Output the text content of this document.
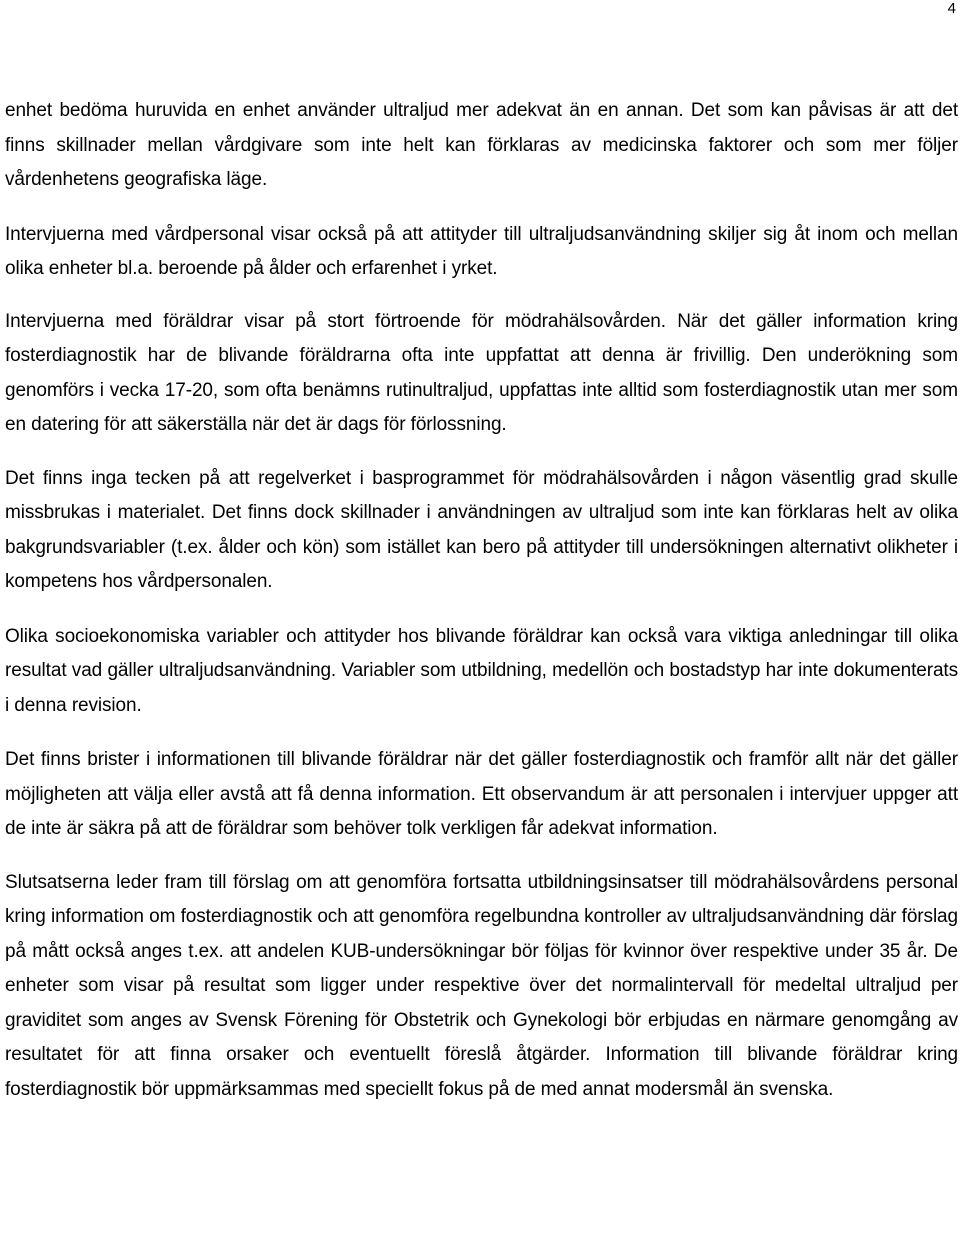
4

enhet bedöma huruvida en enhet använder ultraljud mer adekvat än en annan. Det som kan påvisas är att det finns skillnader mellan vårdgivare som inte helt kan förklaras av medicinska faktorer och som mer följer vårdenhetens geografiska läge.

Intervjuerna med vårdpersonal visar också på att attityder till ultraljudsanvändning skiljer sig åt inom och mellan olika enheter bl.a. beroende på ålder och erfarenhet i yrket.

Intervjuerna med föräldrar visar på stort förtroende för mödrahälsovården. När det gäller information kring fosterdiagnostik har de blivande föräldrarna ofta inte uppfattat att denna är frivillig. Den underökning som genomförs i vecka 17-20, som ofta benämns rutinultraljud, uppfattas inte alltid som fosterdiagnostik utan mer som en datering för att säkerställa när det är dags för förlossning.

Det finns inga tecken på att regelverket i basprogrammet för mödrahälsovården i någon väsentlig grad skulle missbrukas i materialet. Det finns dock skillnader i användningen av ultraljud som inte kan förklaras helt av olika bakgrundsvariabler (t.ex. ålder och kön) som istället kan bero på attityder till undersökningen alternativt olikheter i kompetens hos vårdpersonalen.

Olika socioekonomiska variabler och attityder hos blivande föräldrar kan också vara viktiga anledningar till olika resultat vad gäller ultraljudsanvändning. Variabler som utbildning, medellön och bostadstyp har inte dokumenterats i denna revision.

Det finns brister i informationen till blivande föräldrar när det gäller fosterdiagnostik och framför allt när det gäller möjligheten att välja eller avstå att få denna information. Ett observandum är att personalen i intervjuer uppger att de inte är säkra på att de föräldrar som behöver tolk verkligen får adekvat information.

Slutsatserna leder fram till förslag om att genomföra fortsatta utbildningsinsatser till mödrahälsovårdens personal kring information om fosterdiagnostik och att genomföra regelbundna kontroller av ultraljudsanvändning där förslag på mått också anges t.ex. att andelen KUB-undersökningar bör följas för kvinnor över respektive under 35 år. De enheter som visar på resultat som ligger under respektive över det normalintervall för medeltal ultraljud per graviditet som anges av Svensk Förening för Obstetrik och Gynekologi bör erbjudas en närmare genomgång av resultatet för att finna orsaker och eventuellt föreslå åtgärder. Information till blivande föräldrar kring fosterdiagnostik bör uppmärksammas med speciellt fokus på de med annat modersmål än svenska.
